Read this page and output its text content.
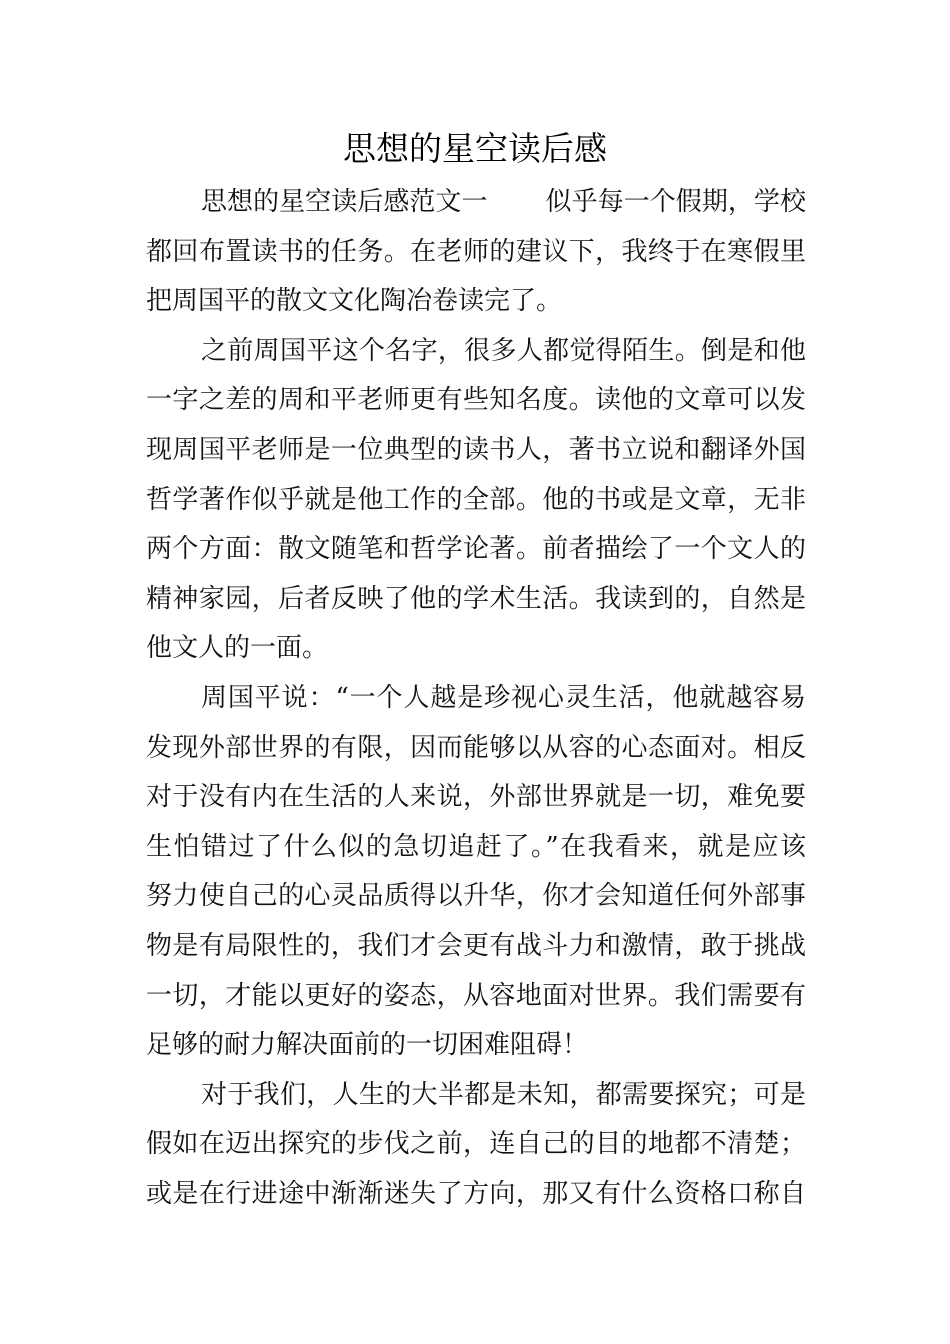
思想的星空读后感
思想的星空读后感范文一 似乎每一个假期，学校
都回布置读书的任务。在老师的建议下，我终于在寒假里
把周国平的散文文化陶冶卷读完了。
之前周国平这个名字，很多人都觉得陌生。倒是和他
一字之差的周和平老师更有些知名度。读他的文章可以发
现周国平老师是一位典型的读书人，著书立说和翻译外国
哲学著作似乎就是他工作的全部。他的书或是文章，无非
两个方面：散文随笔和哲学论著。前者描绘了一个文人的
精神家园，后者反映了他的学术生活。我读到的，自然是
他文人的一面。
周国平说：“一个人越是珍视心灵生活，他就越容易
发现外部世界的有限，因而能够以从容的心态面对。相反
对于没有内在生活的人来说，外部世界就是一切，难免要
生怕错过了什么似的急切追赶了。”在我看来，就是应该
努力使自己的心灵品质得以升华，你才会知道任何外部事
物是有局限性的，我们才会更有战斗力和激情，敢于挑战
一切，才能以更好的姿态，从容地面对世界。我们需要有
足够的耐力解决面前的一切困难阻碍！
对于我们，人生的大半都是未知，都需要探究；可是
假如在迈出探究的步伐之前，连自己的目的地都不清楚；
或是在行进途中渐渐迷失了方向，那又有什么资格口称自
